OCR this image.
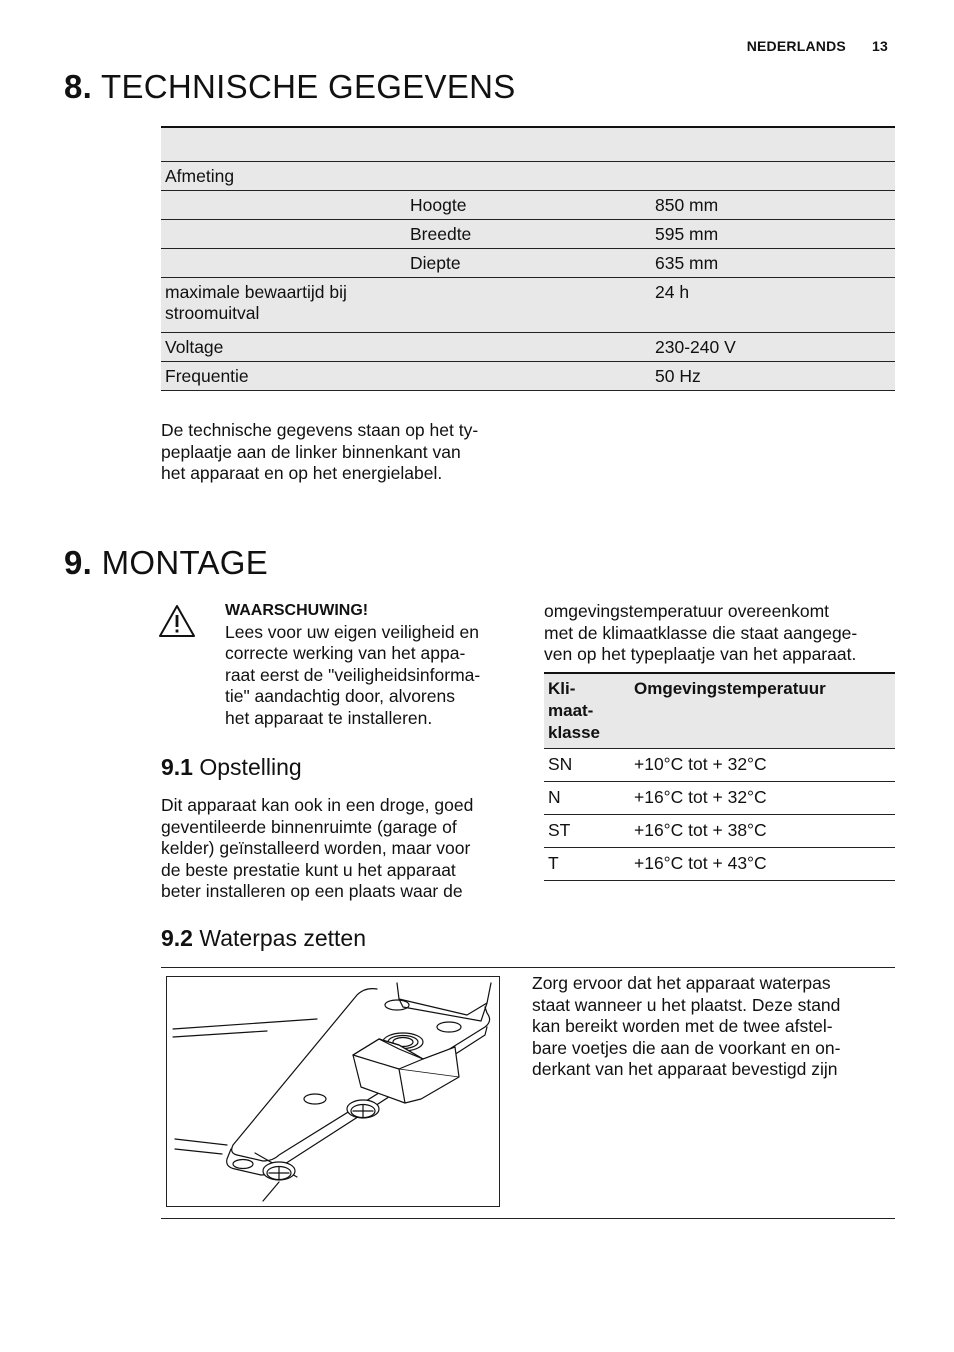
NEDERLANDS 13
8. TECHNISCHE GEGEVENS

Afmeting		
	Hoogte	850 mm
	Breedte	595 mm
	Diepte	635 mm
maximale bewaartijd bij stroomuitval		24 h
Voltage		230-240 V
Frequentie		50 Hz
De technische gegevens staan op het ty-
peplaatje aan de linker binnenkant van
het apparaat en op het energielabel.
9. MONTAGE
WAARSCHUWING!
Lees voor uw eigen veiligheid en
correcte werking van het appa-
raat eerst de "veiligheidsinforma-
tie" aandachtig door, alvorens
het apparaat te installeren.
9.1 Opstelling
Dit apparaat kan ook in een droge, goed
geventileerde binnenruimte (garage of
kelder) geïnstalleerd worden, maar voor
de beste prestatie kunt u het apparaat
beter installeren op een plaats waar de
omgevingstemperatuur overeenkomt
met de klimaatklasse die staat aangege-
ven op het typeplaatje van het apparaat.
Kli-
maat-
klasse	Omgevingstemperatuur
SN	+10°C tot + 32°C
N	+16°C tot + 32°C
ST	+16°C tot + 38°C
T	+16°C tot + 43°C
9.2 Waterpas zetten
Zorg ervoor dat het apparaat waterpas
staat wanneer u het plaatst. Deze stand
kan bereikt worden met de twee afstel-
bare voetjes die aan de voorkant en on-
derkant van het apparaat bevestigd zijn
